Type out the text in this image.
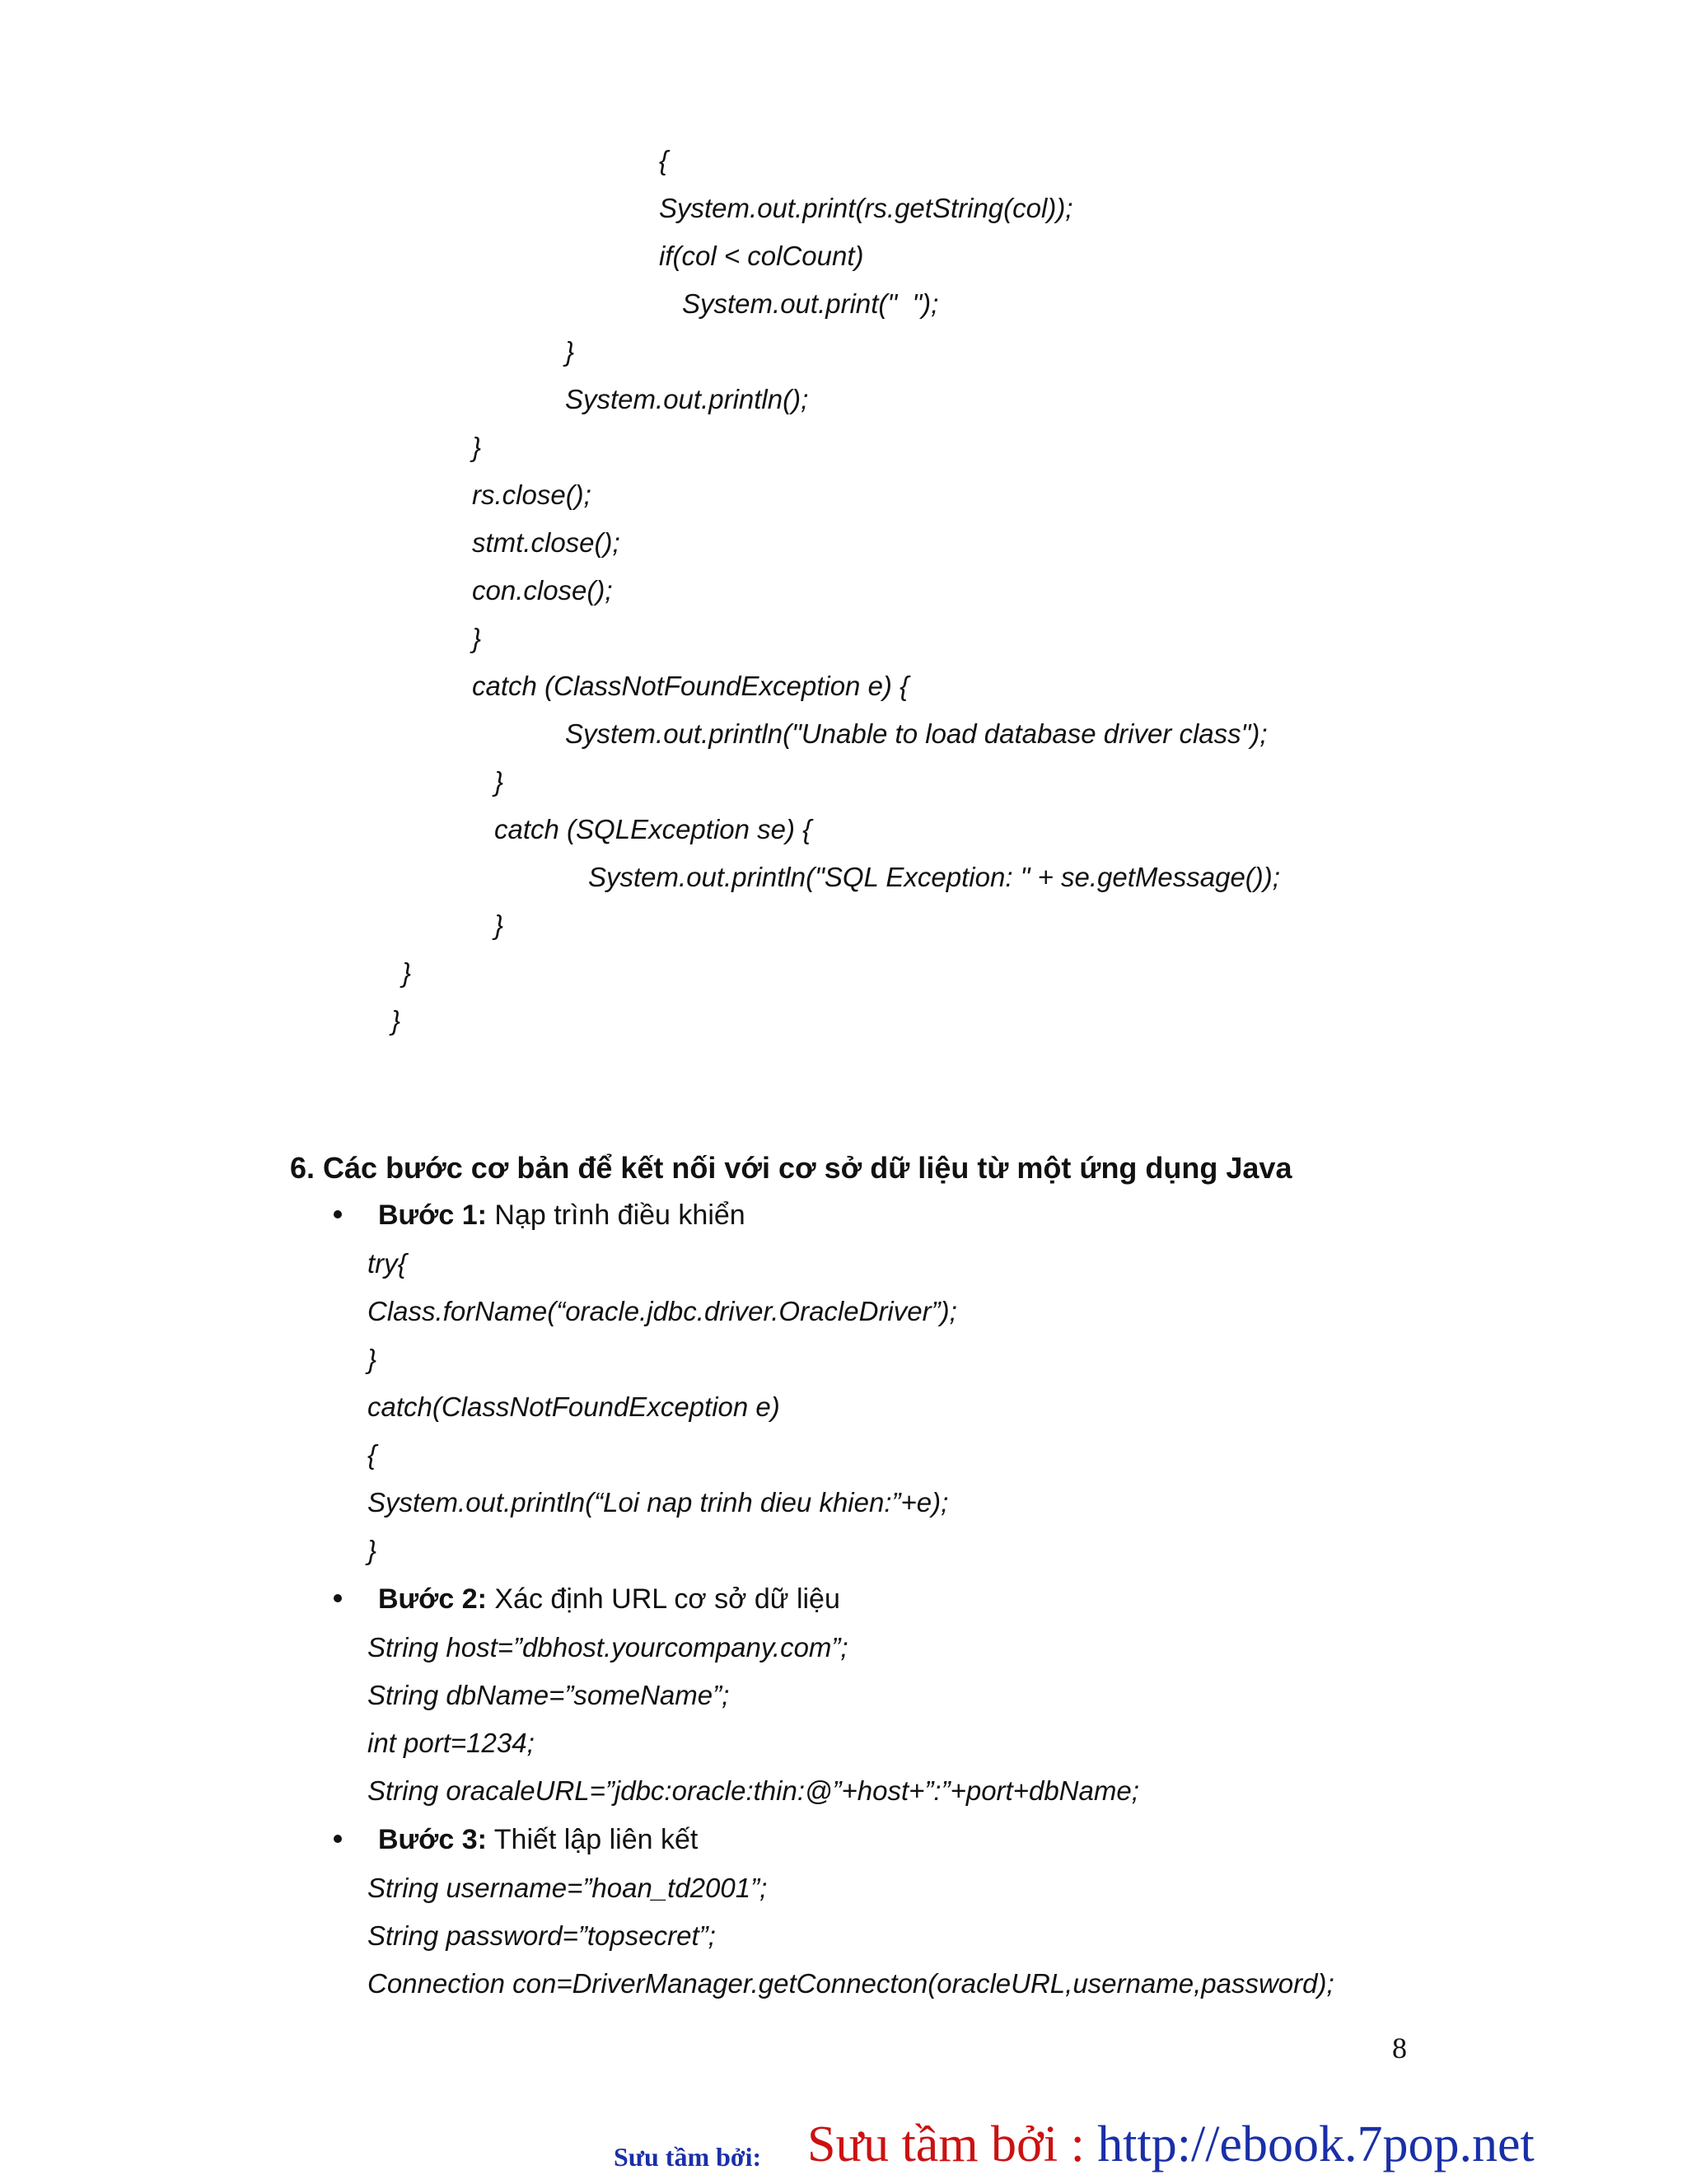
{
System.out.print(rs.getString(col));
if(col < colCount)
System.out.print("  ");
}
System.out.println();
}
rs.close();
stmt.close();
con.close();
}
catch (ClassNotFoundException e) {
System.out.println("Unable to load database driver class");
}
catch (SQLException se) {
System.out.println("SQL Exception: " + se.getMessage());
}
}
}
6. Các bước cơ bản để kết nối với cơ sở dữ liệu từ một ứng dụng Java
Bước 1: Nạp trình điều khiển
try{
Class.forName(“oracle.jdbc.driver.OracleDriver”);
}
catch(ClassNotFoundException e)
{
System.out.println(“Loi nap trinh dieu khien:”+e);
}
Bước 2: Xác định URL cơ sở dữ liệu
String host=”dbhost.yourcompany.com”;
String dbName=”someName”;
int port=1234;
String oracaleURL=”jdbc:oracle:thin:@”+host+”:”+port+dbName;
Bước 3: Thiết lập liên kết
String username=”hoan_td2001”;
String password=”topsecret”;
Connection con=DriverManager.getConnecton(oracleURL,username,password);
8
Sưu tầm bởi: Sưu tầm bởi : http://ebook.7pop.net
